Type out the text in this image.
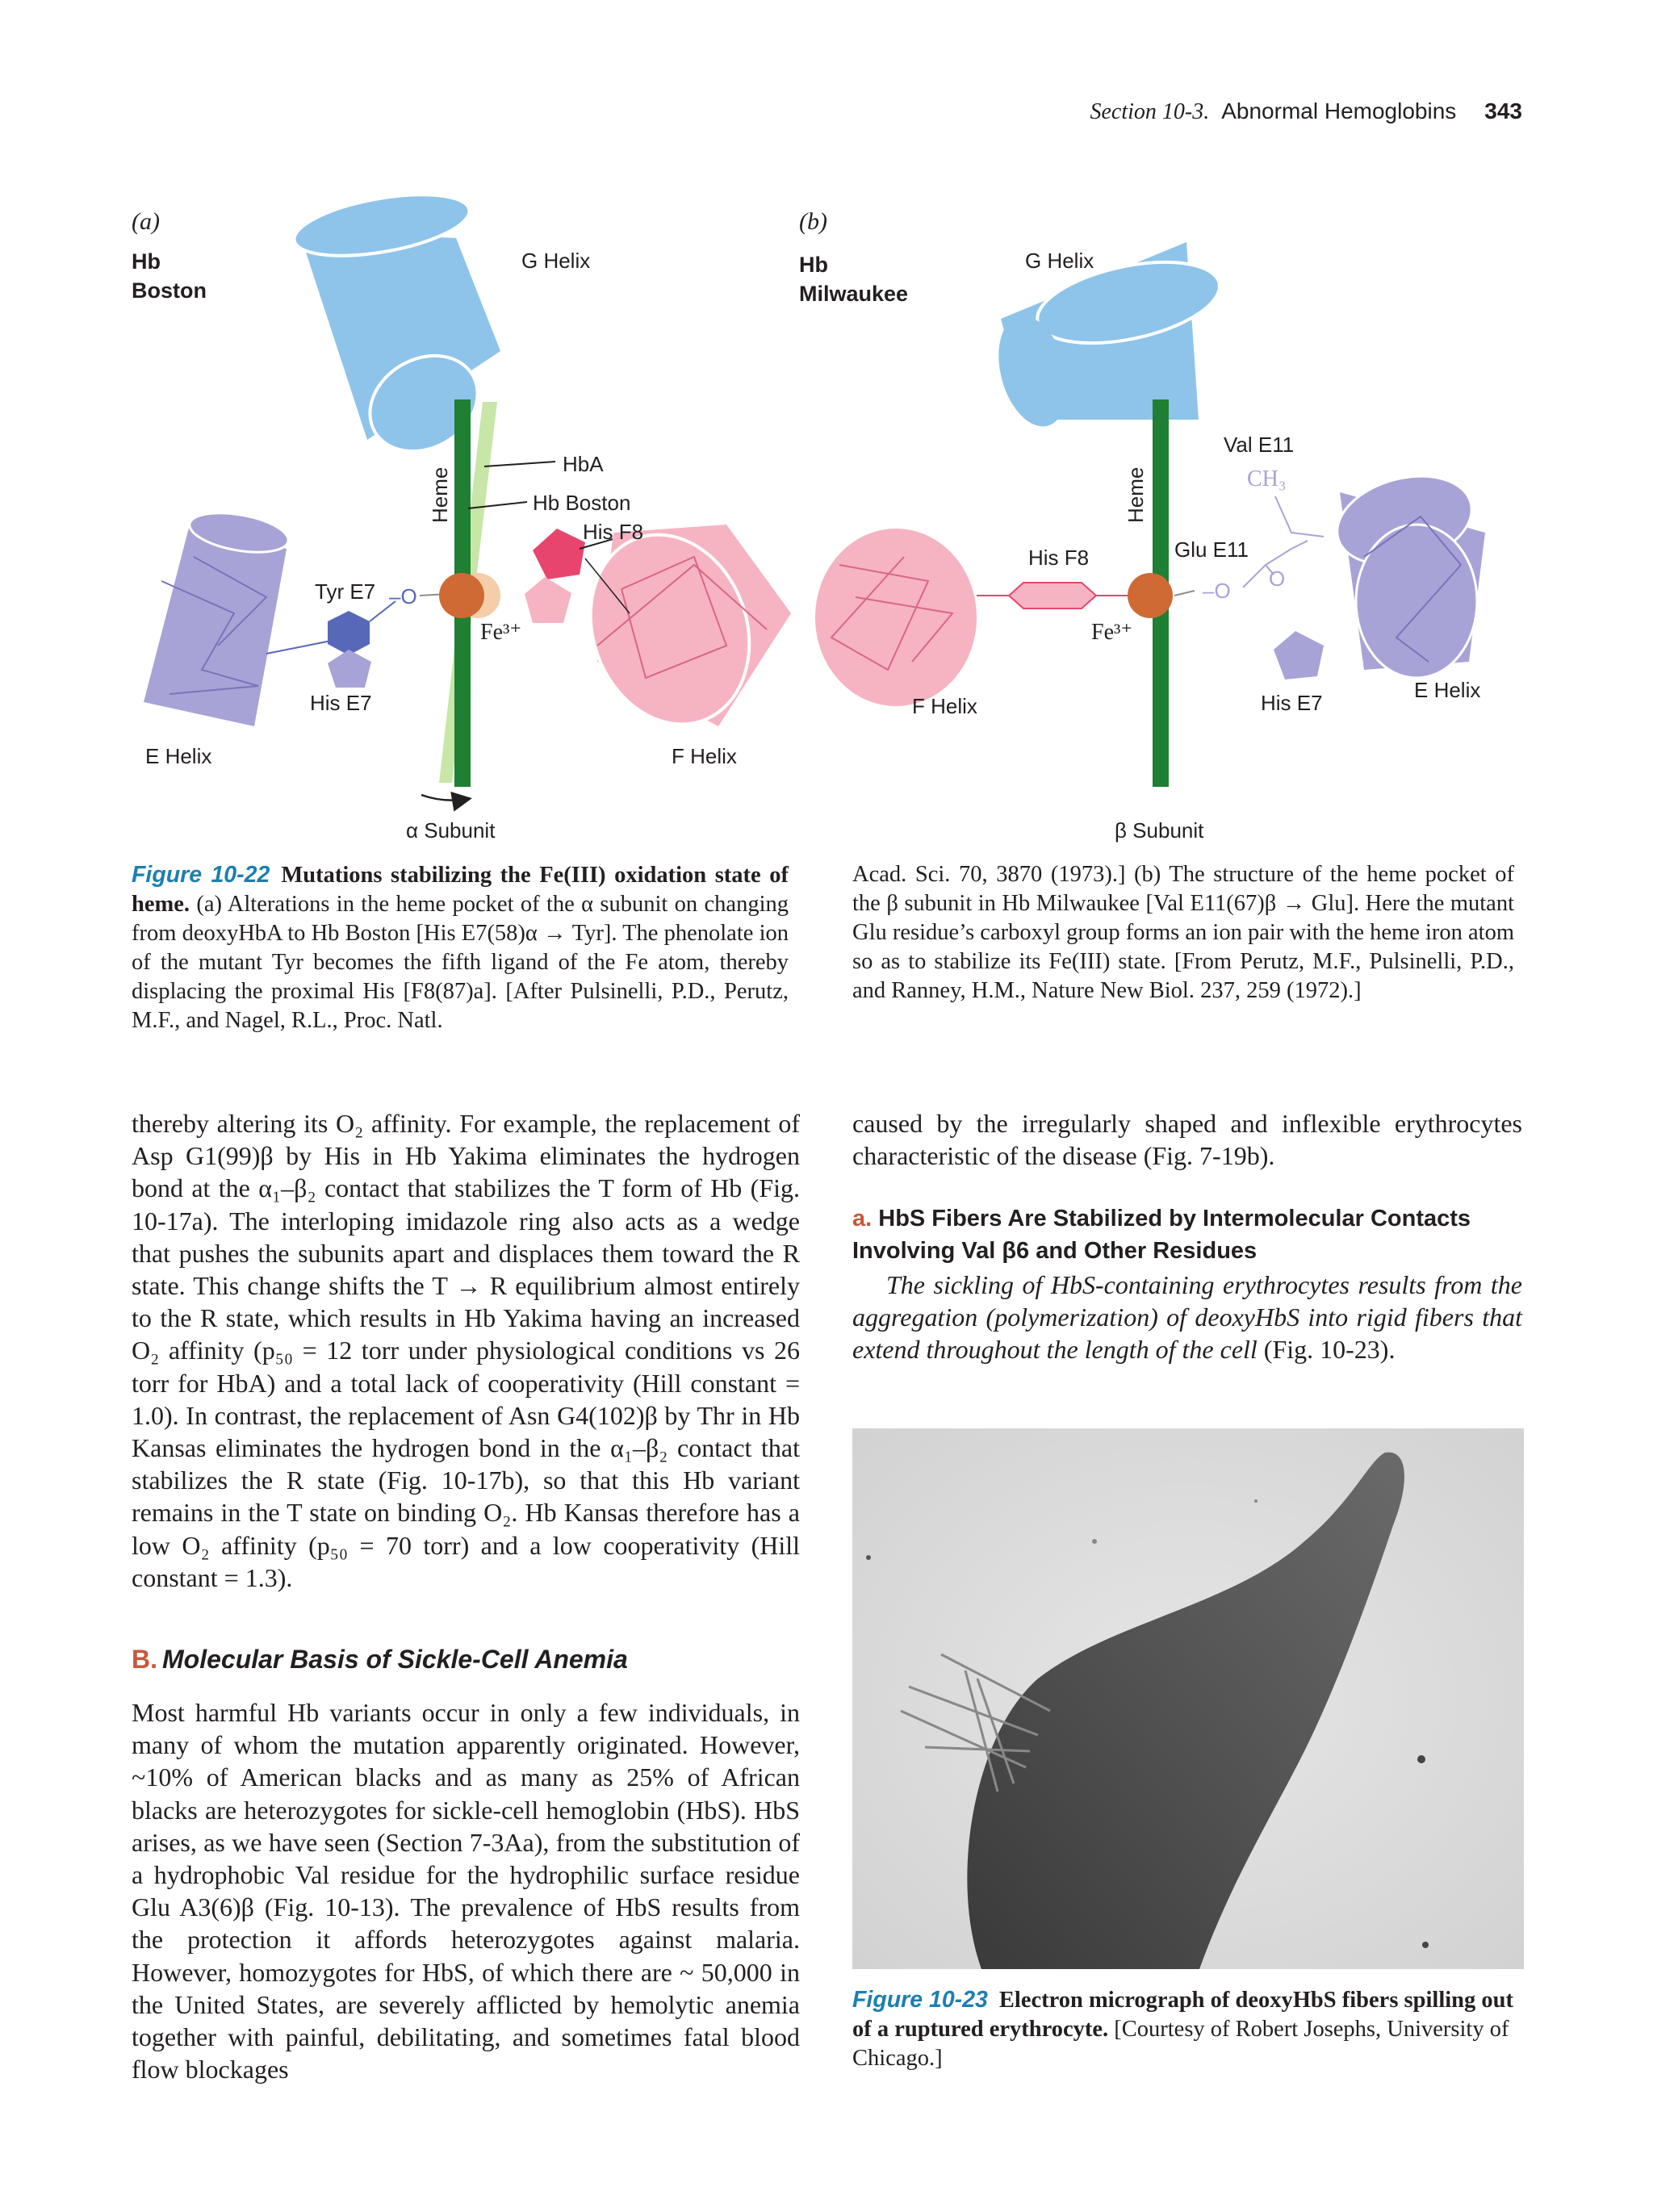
Section 10-3. Abnormal Hemoglobins 343
(a)
Hb
Boston
G Helix
HbA
Hb Boston
His F8
Heme
Tyr E7 –O
Fe³⁺
His E7
E Helix	F Helix
α Subunit
(b)
Hb
Milwaukee
G Helix
Val E11
CH₃
Heme
His F8	Glu E11
–O O
Fe³⁺
F Helix	His E7
E Helix
β Subunit
Figure 10-22 Mutations stabilizing the Fe(III) oxidation state of heme. (a) Alterations in the heme pocket of the α subunit on changing from deoxyHbA to Hb Boston [His E7(58)α → Tyr]. The phenolate ion of the mutant Tyr becomes the fifth ligand of the Fe atom, thereby displacing the proximal His [F8(87)a]. [After Pulsinelli, P.D., Perutz, M.F., and Nagel, R.L., Proc. Natl.
Acad. Sci. 70, 3870 (1973).] (b) The structure of the heme pocket of the β subunit in Hb Milwaukee [Val E11(67)β → Glu]. Here the mutant Glu residue’s carboxyl group forms an ion pair with the heme iron atom so as to stabilize its Fe(III) state. [From Perutz, M.F., Pulsinelli, P.D., and Ranney, H.M., Nature New Biol. 237, 259 (1972).]
thereby altering its O₂ affinity. For example, the replacement of Asp G1(99)β by His in Hb Yakima eliminates the hydrogen bond at the α₁–β₂ contact that stabilizes the T form of Hb (Fig. 10-17a). The interloping imidazole ring also acts as a wedge that pushes the subunits apart and displaces them toward the R state. This change shifts the T → R equilibrium almost entirely to the R state, which results in Hb Yakima having an increased O₂ affinity (p₅₀ = 12 torr under physiological conditions vs 26 torr for HbA) and a total lack of cooperativity (Hill constant = 1.0). In contrast, the replacement of Asn G4(102)β by Thr in Hb Kansas eliminates the hydrogen bond in the α₁–β₂ contact that stabilizes the R state (Fig. 10-17b), so that this Hb variant remains in the T state on binding O₂. Hb Kansas therefore has a low O₂ affinity (p₅₀ = 70 torr) and a low cooperativity (Hill constant = 1.3).
B. Molecular Basis of Sickle-Cell Anemia
Most harmful Hb variants occur in only a few individuals, in many of whom the mutation apparently originated. However, ~10% of American blacks and as many as 25% of African blacks are heterozygotes for sickle-cell hemoglobin (HbS). HbS arises, as we have seen (Section 7-3Aa), from the substitution of a hydrophobic Val residue for the hydrophilic surface residue Glu A3(6)β (Fig. 10-13). The prevalence of HbS results from the protection it affords heterozygotes against malaria. However, homozygotes for HbS, of which there are ~ 50,000 in the United States, are severely afflicted by hemolytic anemia together with painful, debilitating, and sometimes fatal blood flow blockages
caused by the irregularly shaped and inflexible erythrocytes characteristic of the disease (Fig. 7-19b).
a. HbS Fibers Are Stabilized by Intermolecular Contacts Involving Val β6 and Other Residues
The sickling of HbS-containing erythrocytes results from the aggregation (polymerization) of deoxyHbS into rigid fibers that extend throughout the length of the cell (Fig. 10-23).
Figure 10-23 Electron micrograph of deoxyHbS fibers spilling out of a ruptured erythrocyte. [Courtesy of Robert Josephs, University of Chicago.]
